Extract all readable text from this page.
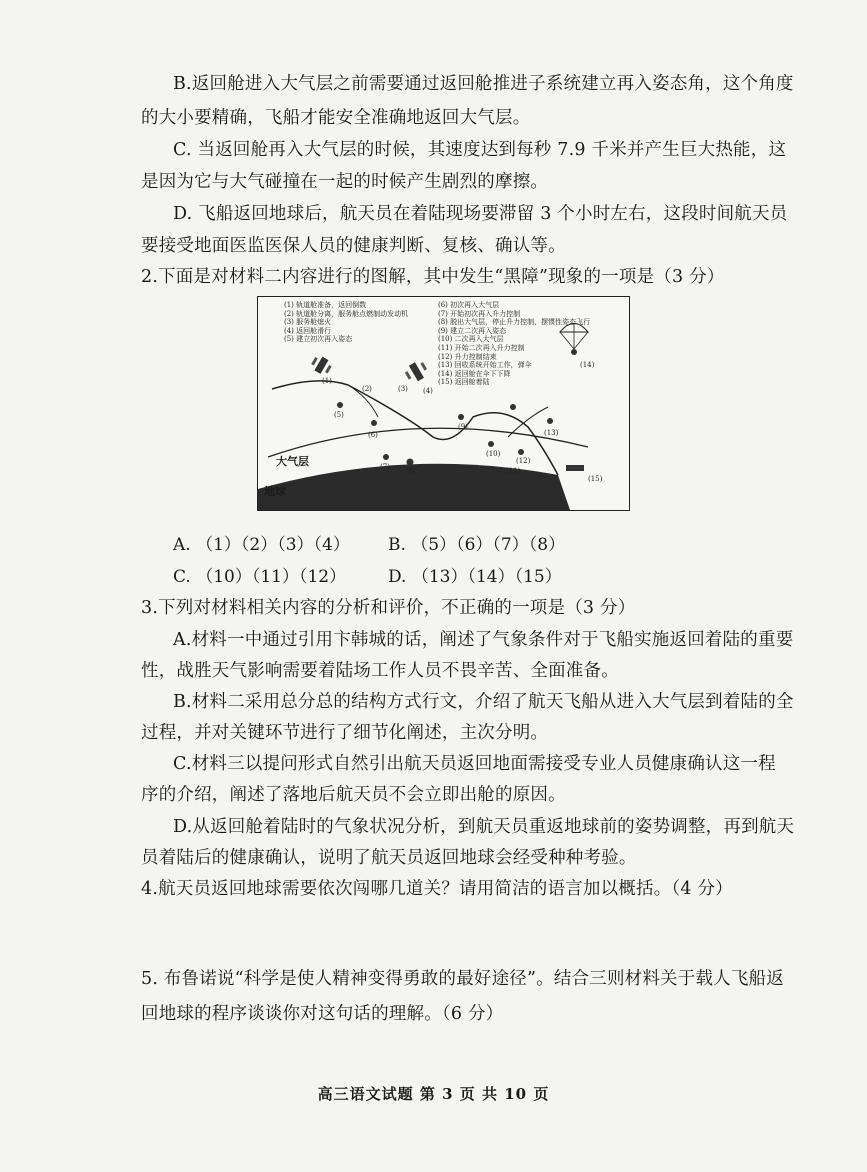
B.返回舱进入大气层之前需要通过返回舱推进子系统建立再入姿态角，这个角度
的大小要精确，飞船才能安全准确地返回大气层。
C. 当返回舱再入大气层的时候，其速度达到每秒 7.9 千米并产生巨大热能，这
是因为它与大气碰撞在一起的时候产生剧烈的摩擦。
D. 飞船返回地球后，航天员在着陆现场要滞留 3 个小时左右，这段时间航天员
要接受地面医监医保人员的健康判断、复核、确认等。
2.下面是对材料二内容进行的图解，其中发生“黑障”现象的一项是（3 分）
(1) 轨道舱准备，返回倒数
(2) 轨道舱分离，服务舱点燃制动发动机
(3) 服务舱熄火
(4) 返回舱滑行
(5) 建立初次再入姿态
(6) 初次再入大气层
(7) 开始初次再入升力控制
(8) 脱出大气层，停止升力控制，摆惯性姿态飞行
(9) 建立二次再入姿态
(10) 二次再入大气层
(11) 开始二次再入升力控制
(12) 升力控制结束
(13) 回收系统开始工作，弹伞
(14) 返回舱在伞下下降
(15) 返回舱着陆
(1)
(2)	(3) (4)
(5)
(6)
(7) (8)
(9)
(10)
(11)
(12)
(13)
(14)
(15)
大气层
地球
A. （1）（2）（3）（4） B. （5）（6）（7）（8）
C. （10）（11）（12） D. （13）（14）（15）
3.下列对材料相关内容的分析和评价，不正确的一项是（3 分）
A.材料一中通过引用卞韩城的话，阐述了气象条件对于飞船实施返回着陆的重要
性，战胜天气影响需要着陆场工作人员不畏辛苦、全面准备。
B.材料二采用总分总的结构方式行文，介绍了航天飞船从进入大气层到着陆的全
过程，并对关键环节进行了细节化阐述，主次分明。
C.材料三以提问形式自然引出航天员返回地面需接受专业人员健康确认这一程
序的介绍，阐述了落地后航天员不会立即出舱的原因。
D.从返回舱着陆时的气象状况分析，到航天员重返地球前的姿势调整，再到航天
员着陆后的健康确认，说明了航天员返回地球会经受种种考验。
4.航天员返回地球需要依次闯哪几道关？请用简洁的语言加以概括。（4 分）
5. 布鲁诺说“科学是使人精神变得勇敢的最好途径”。结合三则材料关于载人飞船返
回地球的程序谈谈你对这句话的理解。（6 分）
高三语文试题 第 3 页 共 10 页
